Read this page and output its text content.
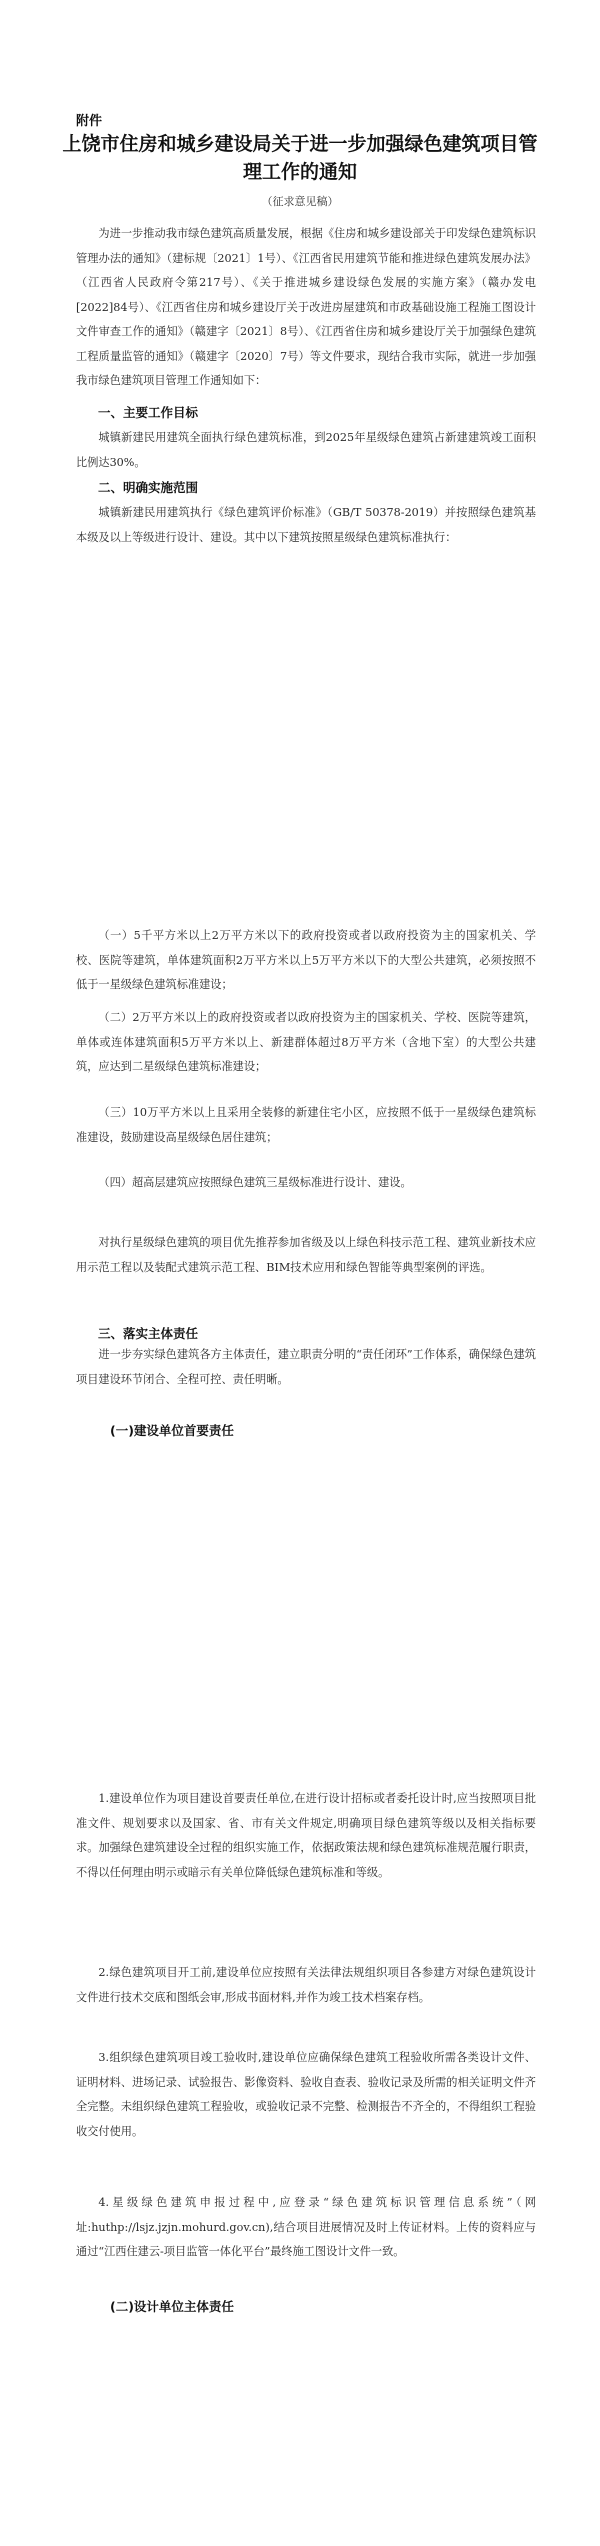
附件
上饶市住房和城乡建设局关于进一步加强绿色建筑项目管理工作的通知
（征求意见稿）

为进一步推动我市绿色建筑高质量发展，根据《住房和城乡建设部关于印发绿色建筑标识管理办法的通知》（建标规〔2021〕1号）、《江西省民用建筑节能和推进绿色建筑发展办法》（江西省人民政府令第217号）、《关于推进城乡建设绿色发展的实施方案》（赣办发电[2022]84号）、《江西省住房和城乡建设厅关于改进房屋建筑和市政基础设施工程施工图设计文件审查工作的通知》（赣建字〔2021〕8号）、《江西省住房和城乡建设厅关于加强绿色建筑工程质量监管的通知》（赣建字〔2020〕7号）等文件要求，现结合我市实际，就进一步加强我市绿色建筑项目管理工作通知如下：

一、主要工作目标

城镇新建民用建筑全面执行绿色建筑标准，到2025年星级绿色建筑占新建建筑竣工面积比例达30%。

二、明确实施范围

城镇新建民用建筑执行《绿色建筑评价标准》（GB/T 50378-2019）并按照绿色建筑基本级及以上等级进行设计、建设。其中以下建筑按照星级绿色建筑标准执行：

（一）5千平方米以上2万平方米以下的政府投资或者以政府投资为主的国家机关、学校、医院等建筑，单体建筑面积2万平方米以上5万平方米以下的大型公共建筑，必须按照不低于一星级绿色建筑标准建设；

（二）2万平方米以上的政府投资或者以政府投资为主的国家机关、学校、医院等建筑，单体或连体建筑面积5万平方米以上、新建群体超过8万平方米（含地下室）的大型公共建筑，应达到二星级绿色建筑标准建设；

（三）10万平方米以上且采用全装修的新建住宅小区，应按照不低于一星级绿色建筑标准建设，鼓励建设高星级绿色居住建筑；

（四）超高层建筑应按照绿色建筑三星级标准进行设计、建设。

对执行星级绿色建筑的项目优先推荐参加省级及以上绿色科技示范工程、建筑业新技术应用示范工程以及装配式建筑示范工程、BIM技术应用和绿色智能等典型案例的评选。

三、落实主体责任

进一步夯实绿色建筑各方主体责任，建立职责分明的“责任闭环”工作体系，确保绿色建筑项目建设环节闭合、全程可控、责任明晰。

(一)建设单位首要责任

1.建设单位作为项目建设首要责任单位,在进行设计招标或者委托设计时,应当按照项目批准文件、规划要求以及国家、省、市有关文件规定,明确项目绿色建筑等级以及相关指标要求。加强绿色建筑建设全过程的组织实施工作，依据政策法规和绿色建筑标准规范履行职责，不得以任何理由明示或暗示有关单位降低绿色建筑标准和等级。

2.绿色建筑项目开工前,建设单位应按照有关法律法规组织项目各参建方对绿色建筑设计文件进行技术交底和图纸会审,形成书面材料,并作为竣工技术档案存档。

3.组织绿色建筑项目竣工验收时,建设单位应确保绿色建筑工程验收所需各类设计文件、证明材料、进场记录、试验报告、影像资料、验收自查表、验收记录及所需的相关证明文件齐全完整。未组织绿色建筑工程验收，或验收记录不完整、检测报告不齐全的，不得组织工程验收交付使用。

4.星级绿色建筑申报过程中,应登录“绿色建筑标识管理信息系统”（网址:huthp://lsjz.jzjn.mohurd.gov.cn),结合项目进展情况及时上传证材料。上传的资料应与通过“江西住建云-项目监管一体化平台”最终施工图设计文件一致。

(二)设计单位主体责任
